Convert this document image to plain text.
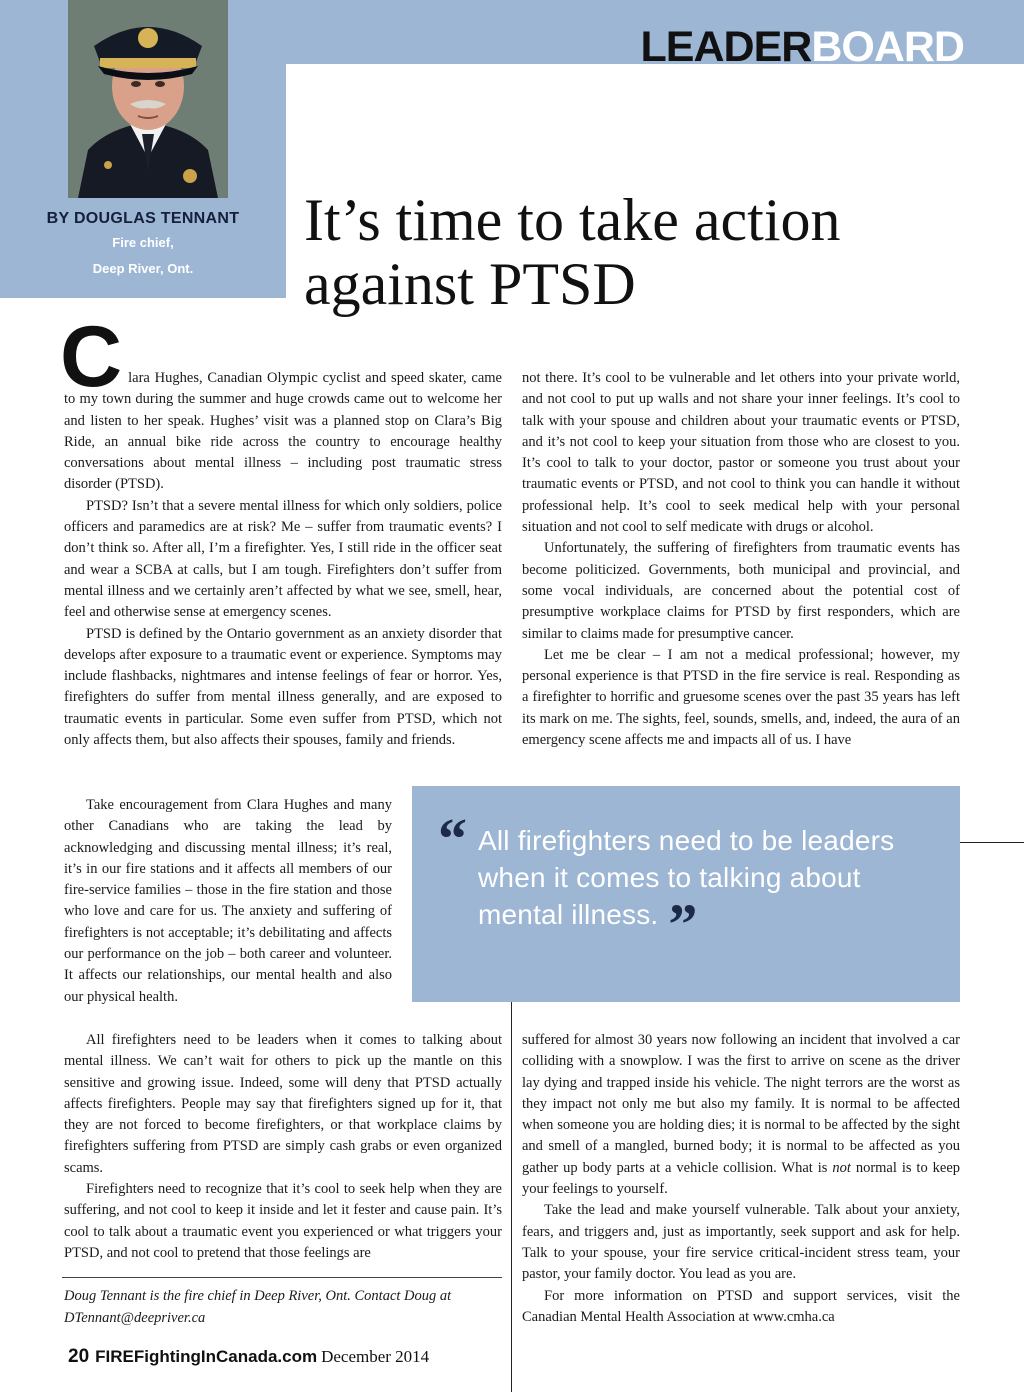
LEADERBOARD

BY DOUGLAS TENNANT

Fire chief,

Deep River, Ont.

It’s time to take action against PTSD
C lara Hughes, Canadian Olympic cyclist and speed skater, came to my town during the summer and huge crowds came out to welcome her and listen to her speak. Hughes’ visit was a planned stop on Clara’s Big Ride, an annual bike ride across the country to encourage healthy conversations about mental illness – including post traumatic stress disorder (PTSD).

PTSD? Isn’t that a severe mental illness for which only soldiers, police officers and paramedics are at risk? Me – suffer from traumatic events? I don’t think so. After all, I’m a firefighter. Yes, I still ride in the officer seat and wear a SCBA at calls, but I am tough. Firefighters don’t suffer from mental illness and we certainly aren’t affected by what we see, smell, hear, feel and otherwise sense at emergency scenes.

PTSD is defined by the Ontario government as an anxiety disorder that develops after exposure to a traumatic event or experience. Symptoms may include flashbacks, nightmares and intense feelings of fear or horror. Yes, firefighters do suffer from mental illness generally, and are exposed to traumatic events in particular. Some even suffer from PTSD, which not only affects them, but also affects their spouses, family and friends.

Take encouragement from Clara Hughes and many other Canadians who are taking the lead by acknowledging and discussing mental illness; it’s real, it’s in our fire stations and it affects all members of our fire-service families – those in the fire station and those who love and care for us. The anxiety and suffering of firefighters is not acceptable; it’s debilitating and affects our performance on the job – both career and volunteer. It affects our relationships, our mental health and also our physical health.

All firefighters need to be leaders when it comes to talking about mental illness. We can’t wait for others to pick up the mantle on this sensitive and growing issue. Indeed, some will deny that PTSD actually affects firefighters. People may say that firefighters signed up for it, that they are not forced to become firefighters, or that workplace claims by firefighters suffering from PTSD are simply cash grabs or even organized scams.

Firefighters need to recognize that it’s cool to seek help when they are suffering, and not cool to keep it inside and let it fester and cause pain. It’s cool to talk about a traumatic event you experienced or what triggers your PTSD, and not cool to pretend that those feelings are

not there. It’s cool to be vulnerable and let others into your private world, and not cool to put up walls and not share your inner feelings. It’s cool to talk with your spouse and children about your traumatic events or PTSD, and it’s not cool to keep your situation from those who are closest to you. It’s cool to talk to your doctor, pastor or someone you trust about your traumatic events or PTSD, and not cool to think you can handle it without professional help. It’s cool to seek medical help with your personal situation and not cool to self medicate with drugs or alcohol.

Unfortunately, the suffering of firefighters from traumatic events has become politicized. Governments, both municipal and provincial, and some vocal individuals, are concerned about the potential cost of presumptive workplace claims for PTSD by first responders, which are similar to claims made for presumptive cancer.

Let me be clear – I am not a medical professional; however, my personal experience is that PTSD in the fire service is real. Responding as a firefighter to horrific and gruesome scenes over the past 35 years has left its mark on me. The sights, feel, sounds, smells, and, indeed, the aura of an emergency scene affects me and impacts all of us. I have

“ All firefighters need to be leaders when it comes to talking about mental illness. ”

suffered for almost 30 years now following an incident that involved a car colliding with a snowplow. I was the first to arrive on scene as the driver lay dying and trapped inside his vehicle. The night terrors are the worst as they impact not only me but also my family. It is normal to be affected when someone you are holding dies; it is normal to be affected by the sight and smell of a mangled, burned body; it is normal to be affected as you gather up body parts at a vehicle collision. What is not normal is to keep your feelings to yourself.

Take the lead and make yourself vulnerable. Talk about your anxiety, fears, and triggers and, just as importantly, seek support and ask for help. Talk to your spouse, your fire service critical-incident stress team, your pastor, your family doctor. You lead as you are.

For more information on PTSD and support services, visit the Canadian Mental Health Association at www.cmha.ca

Doug Tennant is the fire chief in Deep River, Ont. Contact Doug at DTennant@deepriver.ca

20 FIREFightingInCanada.com December 2014
